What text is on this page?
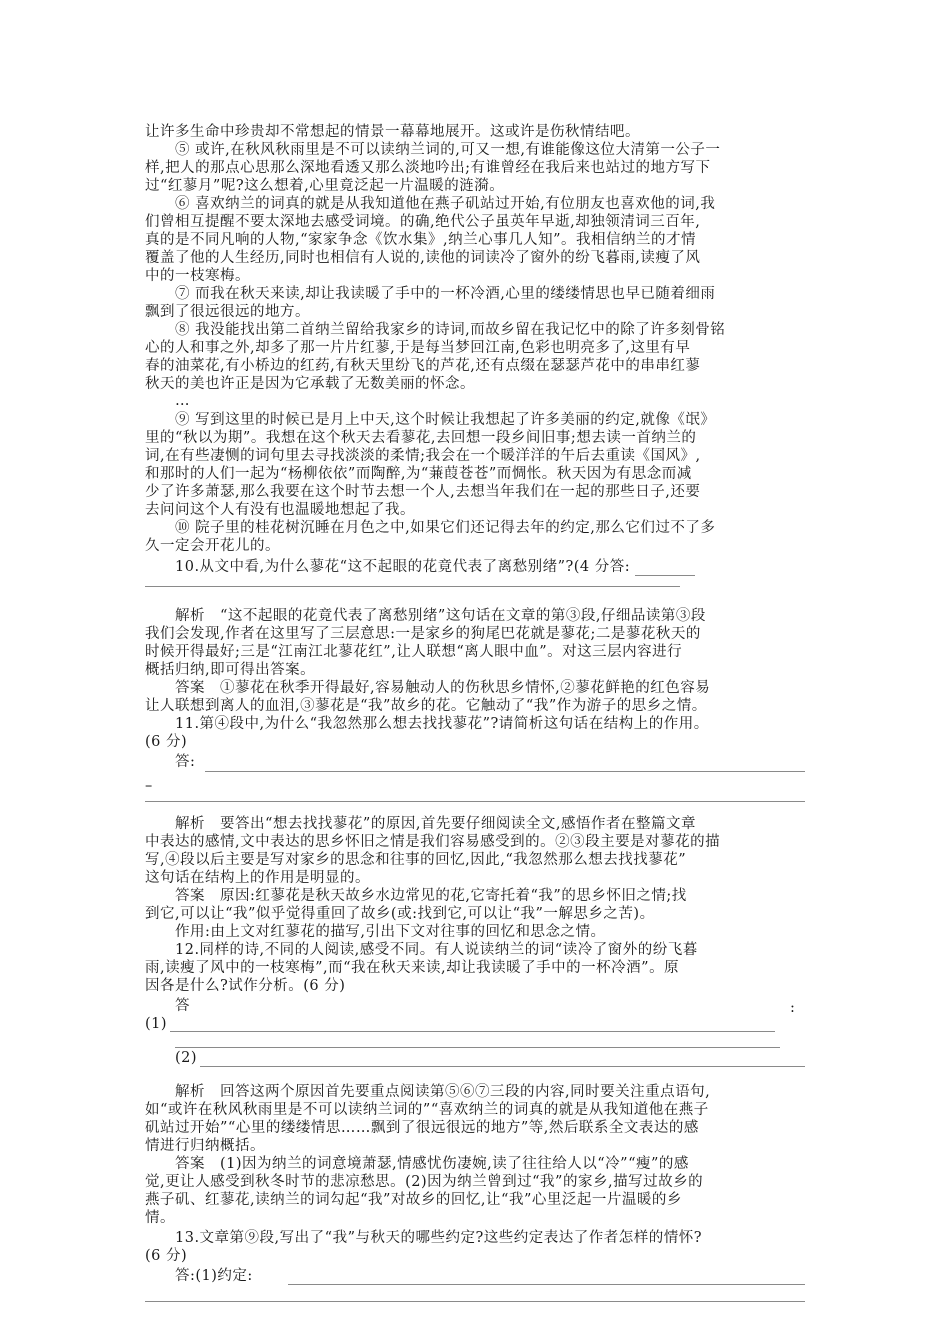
让许多生命中珍贵却不常想起的情景一幕幕地展开。这或许是伤秋情结吧。
⑤ 或许,在秋风秋雨里是不可以读纳兰词的,可又一想,有谁能像这位大清第一公子一
样,把人的那点心思那么深地看透又那么淡地吟出;有谁曾经在我后来也站过的地方写下
过“红蓼月”呢?这么想着,心里竟泛起一片温暖的涟漪。
⑥ 喜欢纳兰的词真的就是从我知道他在燕子矶站过开始,有位朋友也喜欢他的词,我
们曾相互提醒不要太深地去感受词境。的确,绝代公子虽英年早逝,却独领清词三百年,
真的是不同凡响的人物,“家家争念《饮水集》,纳兰心事几人知”。我相信纳兰的才情
覆盖了他的人生经历,同时也相信有人说的,读他的词读冷了窗外的纷飞暮雨,读瘦了风
中的一枝寒梅。
⑦ 而我在秋天来读,却让我读暖了手中的一杯冷酒,心里的缕缕情思也早已随着细雨
飘到了很远很远的地方。
⑧ 我没能找出第二首纳兰留给我家乡的诗词,而故乡留在我记忆中的除了许多刻骨铭
心的人和事之外,却多了那一片片红蓼,于是每当梦回江南,色彩也明亮多了,这里有早
春的油菜花,有小桥边的红药,有秋天里纷飞的芦花,还有点缀在瑟瑟芦花中的串串红蓼
秋天的美也许正是因为它承载了无数美丽的怀念。
…
⑨ 写到这里的时候已是月上中天,这个时候让我想起了许多美丽的约定,就像《氓》
里的“秋以为期”。我想在这个秋天去看蓼花,去回想一段乡间旧事;想去读一首纳兰的
词,在有些凄恻的词句里去寻找淡淡的柔情;我会在一个暖洋洋的午后去重读《国风》,
和那时的人们一起为“杨柳依依”而陶醉,为“蒹葭苍苍”而惆怅。秋天因为有思念而减
少了许多萧瑟,那么我要在这个时节去想一个人,去想当年我们在一起的那些日子,还要
去问问这个人有没有也温暖地想起了我。
⑩ 院子里的桂花树沉睡在月色之中,如果它们还记得去年的约定,那么它们过不了多
久一定会开花儿的。
10.从文中看,为什么蓼花“这不起眼的花竟代表了离愁别绪”?(4 分答:
解析　“这不起眼的花竟代表了离愁别绪”这句话在文章的第③段,仔细品读第③段
我们会发现,作者在这里写了三层意思:一是家乡的狗尾巴花就是蓼花;二是蓼花秋天的
时候开得最好;三是“江南江北蓼花红”,让人联想“离人眼中血”。对这三层内容进行
概括归纳,即可得出答案。
答案　①蓼花在秋季开得最好,容易触动人的伤秋思乡情怀,②蓼花鲜艳的红色容易
让人联想到离人的血泪,③蓼花是“我”故乡的花。它触动了“我”作为游子的思乡之情。
11.第④段中,为什么“我忽然那么想去找找蓼花”?请简析这句话在结构上的作用。
(6 分)
答:
–
解析　要答出“想去找找蓼花”的原因,首先要仔细阅读全文,感悟作者在整篇文章
中表达的感情,文中表达的思乡怀旧之情是我们容易感受到的。②③段主要是对蓼花的描
写,④段以后主要是写对家乡的思念和往事的回忆,因此,“我忽然那么想去找找蓼花”
这句话在结构上的作用是明显的。
答案　原因:红蓼花是秋天故乡水边常见的花,它寄托着“我”的思乡怀旧之情;找
到它,可以让“我”似乎觉得重回了故乡(或:找到它,可以让“我”一解思乡之苦)。
作用:由上文对红蓼花的描写,引出下文对往事的回忆和思念之情。
12.同样的诗,不同的人阅读,感受不同。有人说读纳兰的词“读冷了窗外的纷飞暮
雨,读瘦了风中的一枝寒梅”,而“我在秋天来读,却让我读暖了手中的一杯冷酒”。原
因各是什么?试作分析。(6 分)
答	:
(1)
(2)
解析　回答这两个原因首先要重点阅读第⑤⑥⑦三段的内容,同时要关注重点语句,
如“或许在秋风秋雨里是不可以读纳兰词的”“喜欢纳兰的词真的就是从我知道他在燕子
矶站过开始”“心里的缕缕情思……飘到了很远很远的地方”等,然后联系全文表达的感
情进行归纳概括。
答案　(1)因为纳兰的词意境萧瑟,情感忧伤凄婉,读了往往给人以“冷”“瘦”的感
觉,更让人感受到秋冬时节的悲凉愁思。(2)因为纳兰曾到过“我”的家乡,描写过故乡的
燕子矶、红蓼花,读纳兰的词勾起“我”对故乡的回忆,让“我”心里泛起一片温暖的乡
情。
13.文章第⑨段,写出了“我”与秋天的哪些约定?这些约定表达了作者怎样的情怀?
(6 分)
答:(1)约定:
